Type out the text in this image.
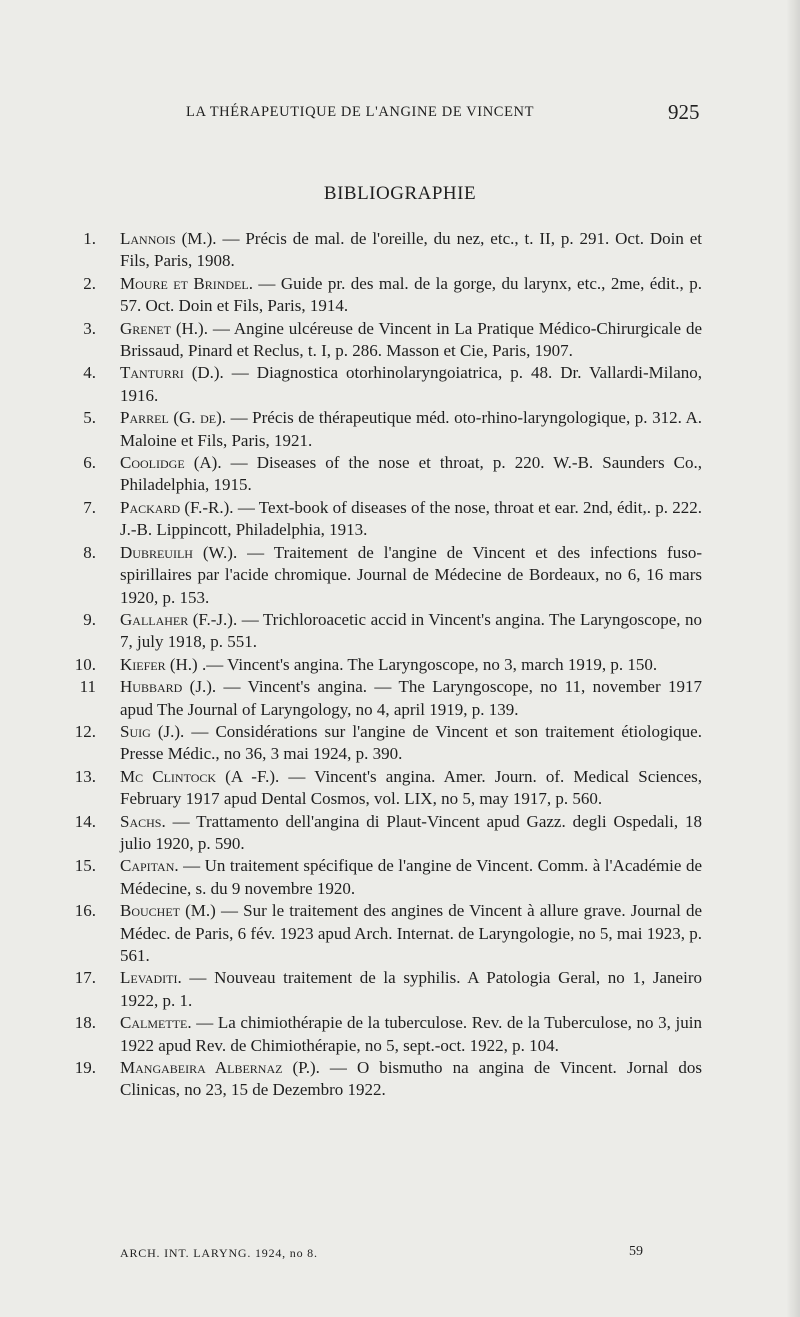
LA THÉRAPEUTIQUE DE L'ANGINE DE VINCENT	925
BIBLIOGRAPHIE
1. Lannois (M.). — Précis de mal. de l'oreille, du nez, etc., t. II, p. 291. Oct. Doin et Fils, Paris, 1908.
2. Moure et Brindel. — Guide pr. des mal. de la gorge, du larynx, etc., 2me, édit., p. 57. Oct. Doin et Fils, Paris, 1914.
3. Grenet (H.). — Angine ulcéreuse de Vincent in La Pratique Médico-Chirurgicale de Brissaud, Pinard et Reclus, t. I, p. 286. Masson et Cie, Paris, 1907.
4. Tanturri (D.). — Diagnostica otorhinolaryngoiatrica, p. 48. Dr. Vallardi-Milano, 1916.
5. Parrel (G. de). — Précis de thérapeutique méd. oto-rhino-laryngologique, p. 312. A. Maloine et Fils, Paris, 1921.
6. Coolidge (A). — Diseases of the nose et throat, p. 220. W.-B. Saunders Co., Philadelphia, 1915.
7. Packard (F.-R.). — Text-book of diseases of the nose, throat et ear. 2nd, édit,. p. 222. J.-B. Lippincott, Philadelphia, 1913.
8. Dubreuilh (W.). — Traitement de l'angine de Vincent et des infections fuso-spirillaires par l'acide chromique. Journal de Médecine de Bordeaux, no 6, 16 mars 1920, p. 153.
9. Gallaher (F.-J.). — Trichloroacetic accid in Vincent's angina. The Laryngoscope, no 7, july 1918, p. 551.
10. Kiefer (H.) .— Vincent's angina. The Laryngoscope, no 3, march 1919, p. 150.
11 Hubbard (J.). — Vincent's angina. — The Laryngoscope, no 11, november 1917 apud The Journal of Laryngology, no 4, april 1919, p. 139.
12. Suig (J.). — Considérations sur l'angine de Vincent et son traitement étiologique. Presse Médic., no 36, 3 mai 1924, p. 390.
13. Mc Clintock (A -F.). — Vincent's angina. Amer. Journ. of. Medical Sciences, February 1917 apud Dental Cosmos, vol. LIX, no 5, may 1917, p. 560.
14. Sachs. — Trattamento dell'angina di Plaut-Vincent apud Gazz. degli Ospedali, 18 julio 1920, p. 590.
15. Capitan. — Un traitement spécifique de l'angine de Vincent. Comm. à l'Académie de Médecine, s. du 9 novembre 1920.
16. Bouchet (M.) — Sur le traitement des angines de Vincent à allure grave. Journal de Médec. de Paris, 6 fév. 1923 apud Arch. Internat. de Laryngologie, no 5, mai 1923, p. 561.
17. Levaditi. — Nouveau traitement de la syphilis. A Patologia Geral, no 1, Janeiro 1922, p. 1.
18. Calmette. — La chimiothérapie de la tuberculose. Rev. de la Tuberculose, no 3, juin 1922 apud Rev. de Chimiothérapie, no 5, sept.-oct. 1922, p. 104.
19. Mangabeira Albernaz (P.). — O bismutho na angina de Vincent. Jornal dos Clinicas, no 23, 15 de Dezembro 1922.
ARCH. INT. LARYNG. 1924, no 8.	59
